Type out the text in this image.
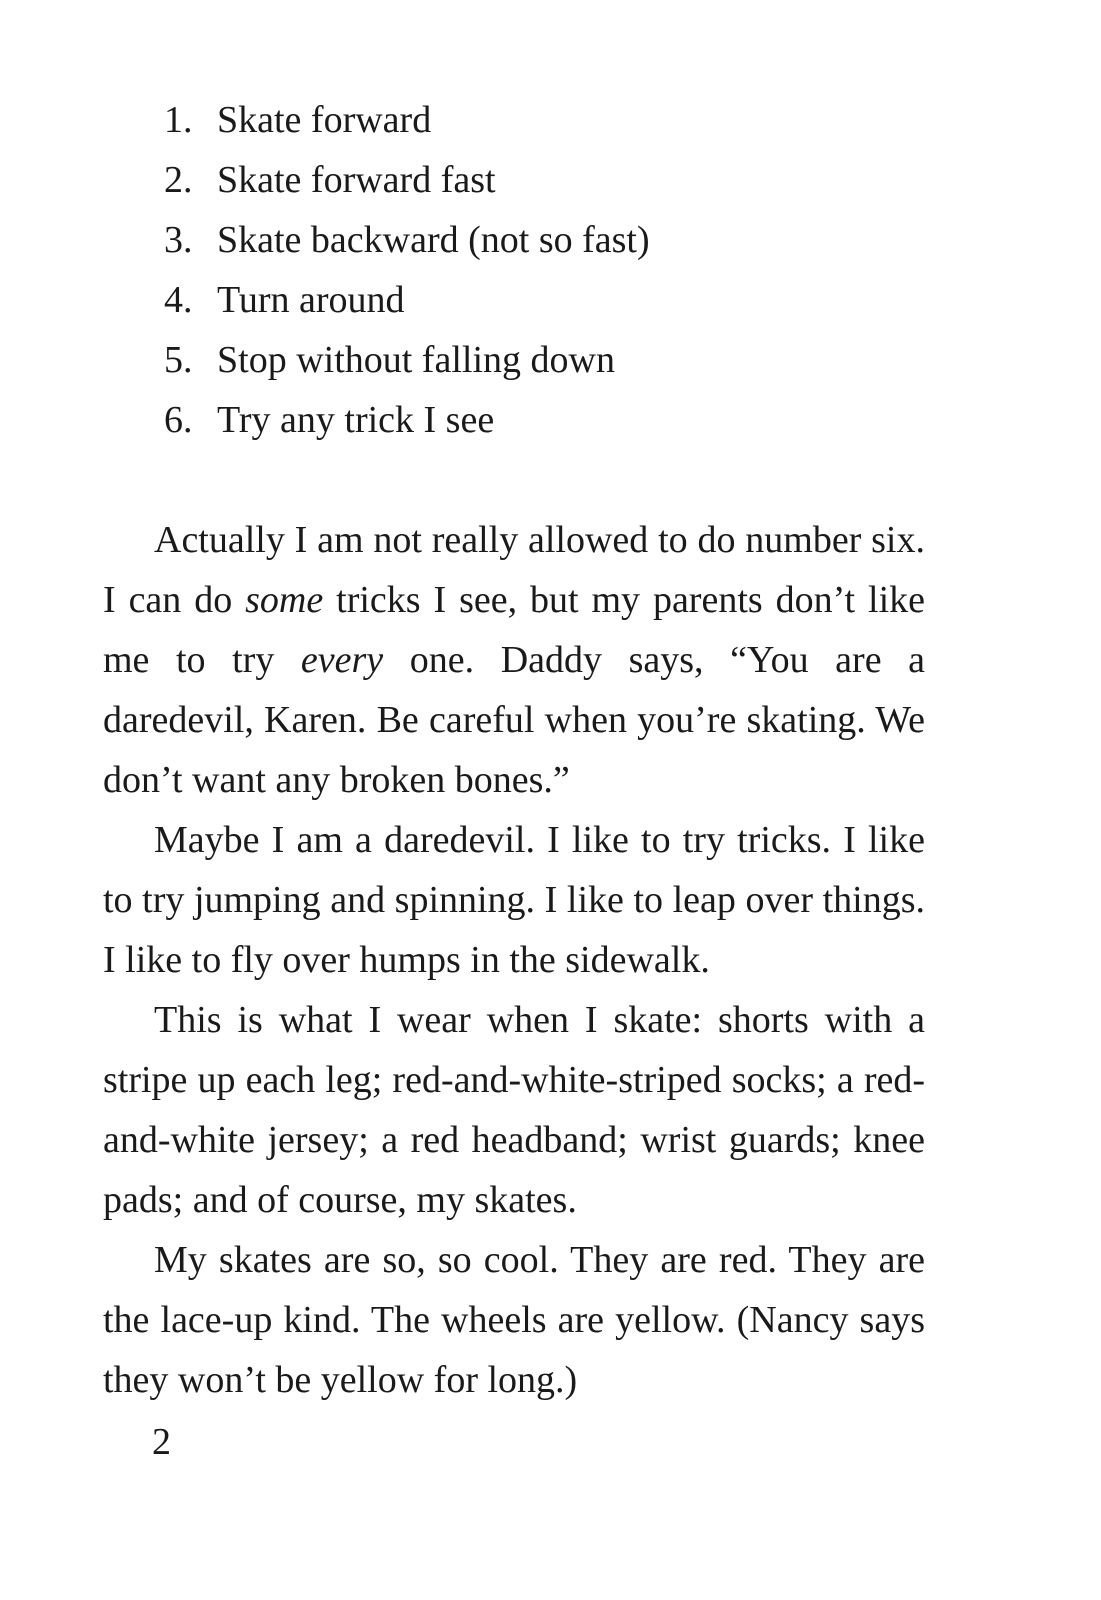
1. Skate forward
2. Skate forward fast
3. Skate backward (not so fast)
4. Turn around
5. Stop without falling down
6. Try any trick I see

Actually I am not really allowed to do number six. I can do some tricks I see, but my parents don’t like me to try every one. Daddy says, “You are a daredevil, Karen. Be careful when you’re skating. We don’t want any broken bones.”

Maybe I am a daredevil. I like to try tricks. I like to try jumping and spinning. I like to leap over things. I like to fly over humps in the sidewalk.

This is what I wear when I skate: shorts with a stripe up each leg; red-and-white-striped socks; a red-and-white jersey; a red headband; wrist guards; knee pads; and of course, my skates.

My skates are so, so cool. They are red. They are the lace-up kind. The wheels are yellow. (Nancy says they won’t be yellow for long.)

2
